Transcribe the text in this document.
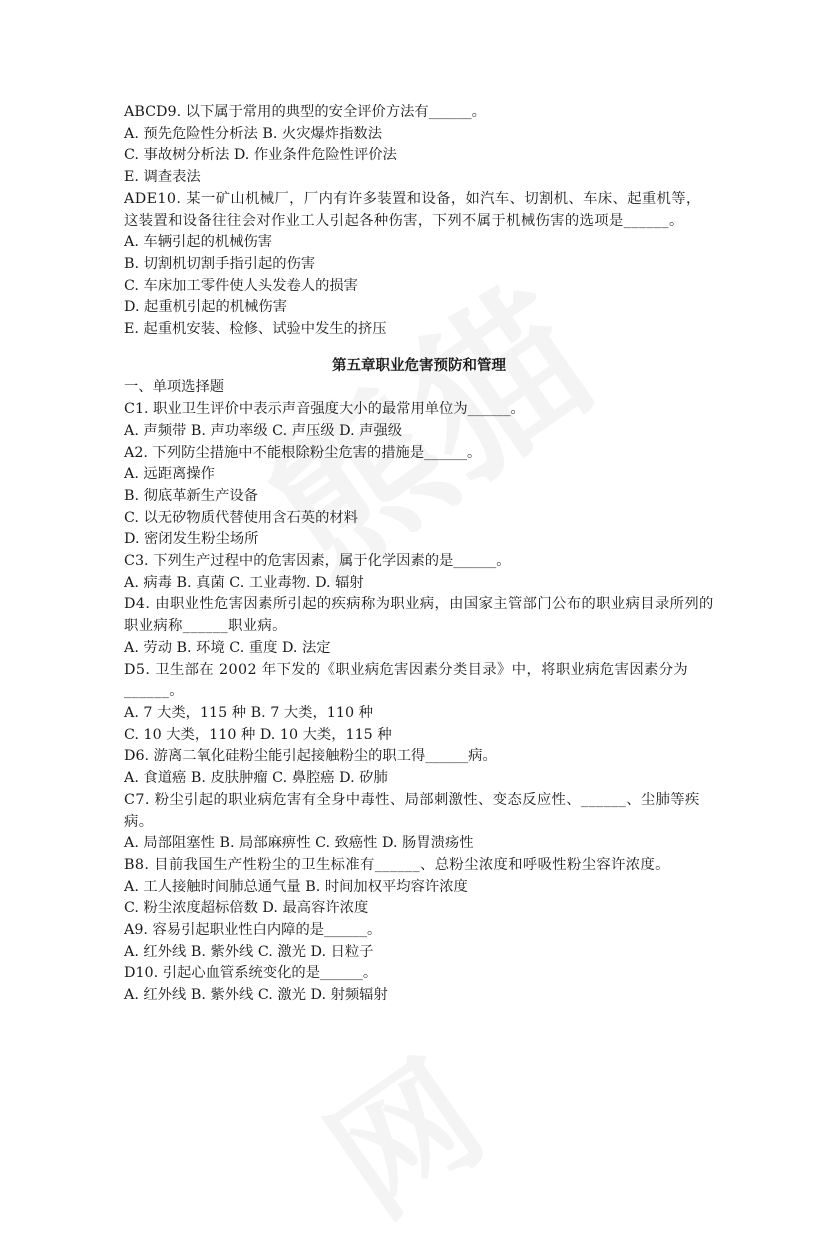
ABCD9. 以下属于常用的典型的安全评价方法有______。

A. 预先危险性分析法 B. 火灾爆炸指数法

C. 事故树分析法 D. 作业条件危险性评价法

E. 调查表法

ADE10. 某一矿山机械厂，厂内有许多装置和设备，如汽车、切割机、车床、起重机等，这装置和设备往往会对作业工人引起各种伤害，下列不属于机械伤害的选项是______。

A. 车辆引起的机械伤害

B. 切割机切割手指引起的伤害

C. 车床加工零件使人头发卷人的损害

D. 起重机引起的机械伤害

E. 起重机安装、检修、试验中发生的挤压

第五章职业危害预防和管理

一、单项选择题

C1. 职业卫生评价中表示声音强度大小的最常用单位为______。

A. 声频带 B. 声功率级 C. 声压级 D. 声强级

A2. 下列防尘措施中不能根除粉尘危害的措施是______。

A. 远距离操作

B. 彻底革新生产设备

C. 以无矽物质代替使用含石英的材料

D. 密闭发生粉尘场所

C3. 下列生产过程中的危害因素，属于化学因素的是______。

A. 病毒 B. 真菌 C. 工业毒物. D. 辐射

D4. 由职业性危害因素所引起的疾病称为职业病，由国家主管部门公布的职业病目录所列的职业病称______职业病。

A. 劳动 B. 环境 C. 重度 D. 法定

D5. 卫生部在 2002 年下发的《职业病危害因素分类目录》中，将职业病危害因素分为______。

A. 7 大类，115 种 B. 7 大类，110 种

C. 10 大类，110 种 D. 10 大类，115 种

D6. 游离二氧化硅粉尘能引起接触粉尘的职工得______病。

A. 食道癌 B. 皮肤肿瘤 C. 鼻腔癌 D. 矽肺

C7. 粉尘引起的职业病危害有全身中毒性、局部刺激性、变态反应性、______、尘肺等疾病。

A. 局部阻塞性 B. 局部麻痹性 C. 致癌性 D. 肠胃溃疡性

B8. 目前我国生产性粉尘的卫生标准有______、总粉尘浓度和呼吸性粉尘容许浓度。

A. 工人接触时间肺总通气量 B. 时间加权平均容许浓度

C. 粉尘浓度超标倍数 D. 最高容许浓度

A9. 容易引起职业性白内障的是______。

A. 红外线 B. 紫外线 C. 激光 D. 日粒子

D10. 引起心血管系统变化的是______。

A. 红外线 B. 紫外线 C. 激光 D. 射频辐射
